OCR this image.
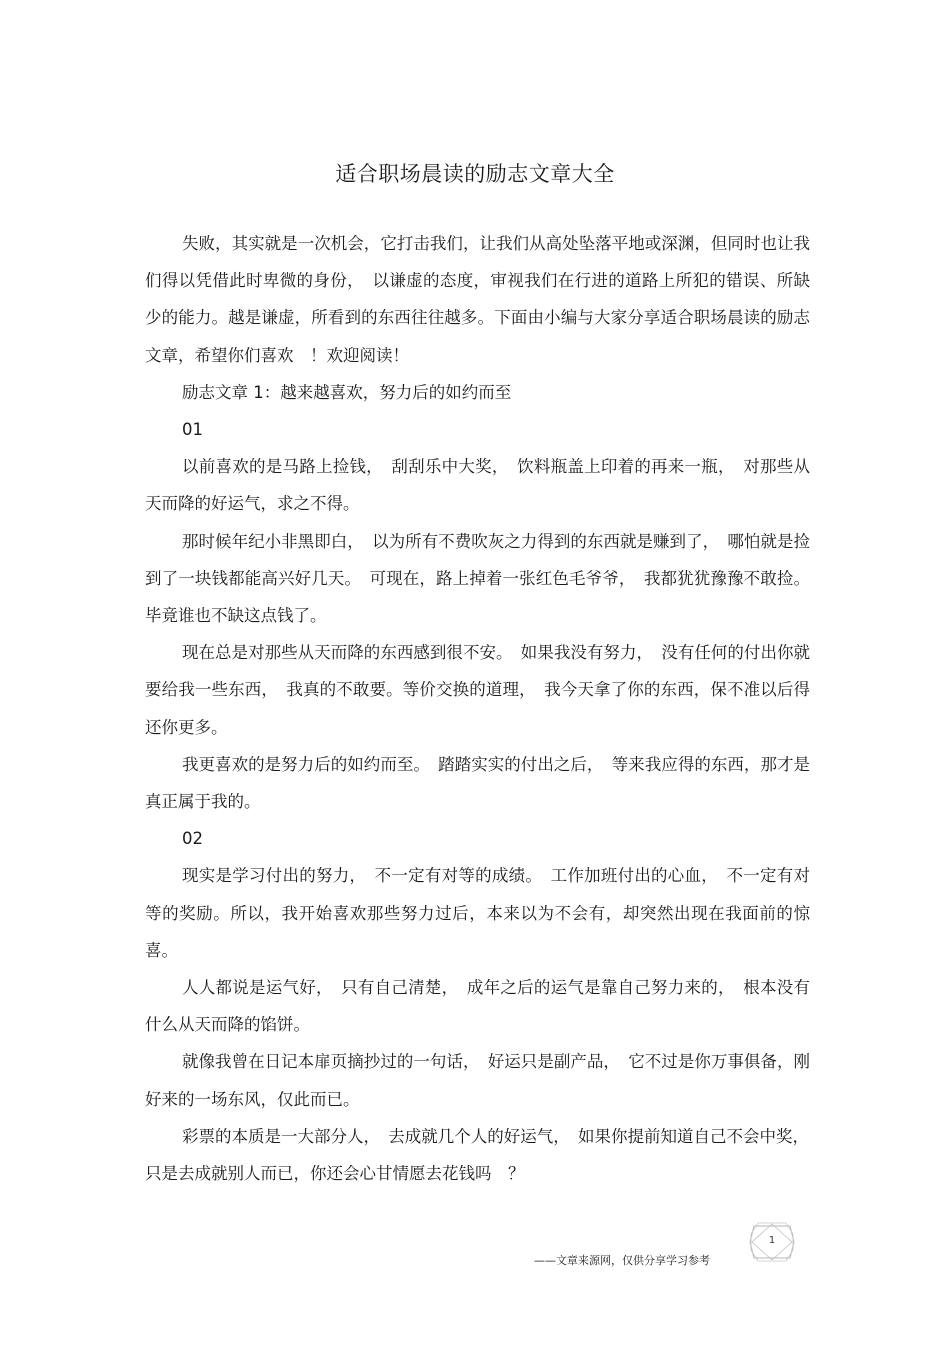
适合职场晨读的励志文章大全

失败，其实就是一次机会，它打击我们，让我们从高处坠落平地或深渊，但同时也让我们得以凭借此时卑微的身份，　以谦虚的态度，审视我们在行进的道路上所犯的错误、所缺少的能力。越是谦虚，所看到的东西往往越多。下面由小编与大家分享适合职场晨读的励志文章，希望你们喜欢　！欢迎阅读！

励志文章 1：越来越喜欢，努力后的如约而至

01

以前喜欢的是马路上捡钱，　刮刮乐中大奖，　饮料瓶盖上印着的再来一瓶，　对那些从天而降的好运气，求之不得。

那时候年纪小非黑即白，　以为所有不费吹灰之力得到的东西就是赚到了，　哪怕就是捡到了一块钱都能高兴好几天。　可现在，路上掉着一张红色毛爷爷，　我都犹犹豫豫不敢捡。毕竟谁也不缺这点钱了。

现在总是对那些从天而降的东西感到很不安。　如果我没有努力，　没有任何的付出你就要给我一些东西，　我真的不敢要。等价交换的道理，　我今天拿了你的东西，保不准以后得还你更多。

我更喜欢的是努力后的如约而至。　踏踏实实的付出之后，　等来我应得的东西，那才是真正属于我的。

02

现实是学习付出的努力，　不一定有对等的成绩。　工作加班付出的心血，　不一定有对等的奖励。所以，我开始喜欢那些努力过后，本来以为不会有，却突然出现在我面前的惊喜。

人人都说是运气好，　只有自己清楚，　成年之后的运气是靠自己努力来的，　根本没有什么从天而降的馅饼。

就像我曾在日记本扉页摘抄过的一句话，　好运只是副产品，　它不过是你万事俱备，刚好来的一场东风，仅此而已。

彩票的本质是一大部分人，　去成就几个人的好运气，　如果你提前知道自己不会中奖，只是去成就别人而已，你还会心甘情愿去花钱吗　？

——文章来源网，仅供分享学习参考
1
